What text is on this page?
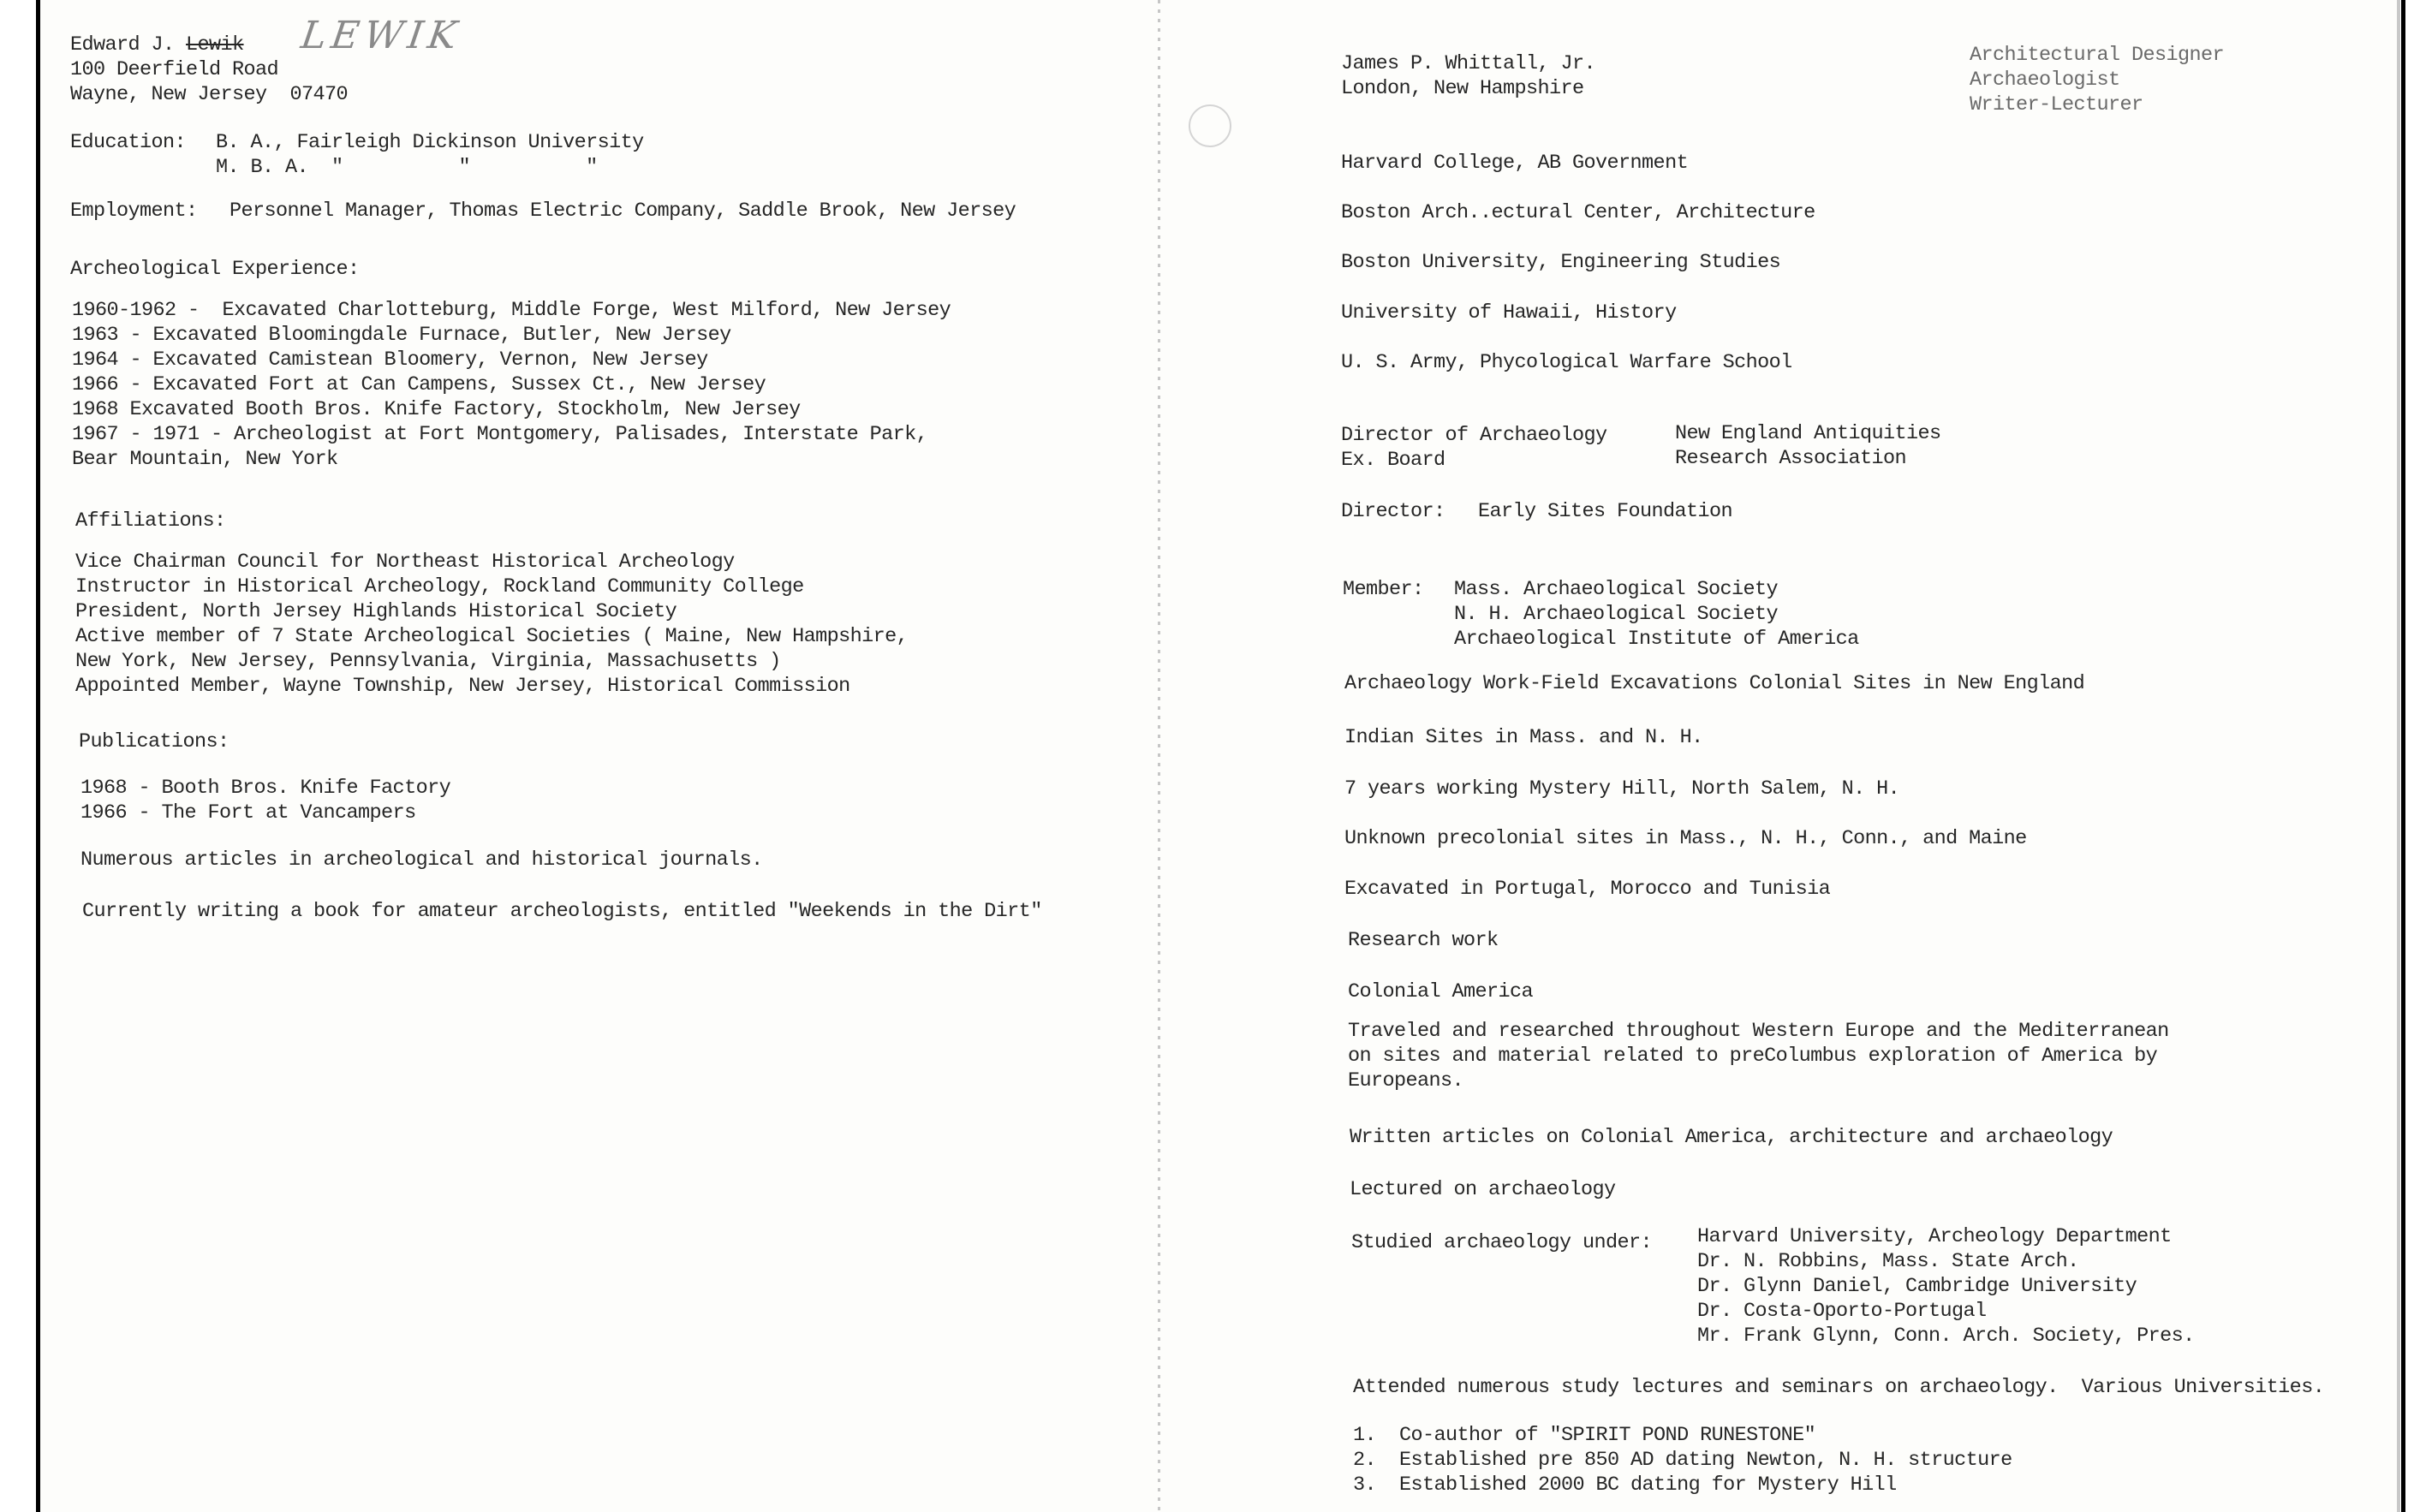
LEWIK
Edward J. Lewik
100 Deerfield Road
Wayne, New Jersey  07470
Education: B. A., Fairleigh Dickinson University
M. B. A.  "          "          "
Employment: Personnel Manager, Thomas Electric Company, Saddle Brook, New Jersey
Archeological Experience:
1960-1962 -  Excavated Charlotteburg, Middle Forge, West Milford, New Jersey
1963 - Excavated Bloomingdale Furnace, Butler, New Jersey
1964 - Excavated Camistean Bloomery, Vernon, New Jersey
1966 - Excavated Fort at Can Campens, Sussex Ct., New Jersey
1968 Excavated Booth Bros. Knife Factory, Stockholm, New Jersey
1967 - 1971 - Archeologist at Fort Montgomery, Palisades, Interstate Park,
Bear Mountain, New York
Affiliations:
Vice Chairman Council for Northeast Historical Archeology
Instructor in Historical Archeology, Rockland Community College
President, North Jersey Highlands Historical Society
Active member of 7 State Archeological Societies ( Maine, New Hampshire,
New York, New Jersey, Pennsylvania, Virginia, Massachusetts )
Appointed Member, Wayne Township, New Jersey, Historical Commission
Publications:
1968 - Booth Bros. Knife Factory
1966 - The Fort at Vancampers
Numerous articles in archeological and historical journals.
Currently writing a book for amateur archeologists, entitled "Weekends in the Dirt"
James P. Whittall, Jr.
London, New Hampshire
Architectural Designer
Archaeologist
Writer-Lecturer
Harvard College, AB Government
Boston Arch..ectural Center, Architecture
Boston University, Engineering Studies
University of Hawaii, History
U. S. Army, Phycological Warfare School
Director of Archaeology
Ex. Board
New England Antiquities
Research Association
Director: Early Sites Foundation
Member: Mass. Archaeological Society
N. H. Archaeological Society
Archaeological Institute of America
Archaeology Work-Field Excavations Colonial Sites in New England
Indian Sites in Mass. and N. H.
7 years working Mystery Hill, North Salem, N. H.
Unknown precolonial sites in Mass., N. H., Conn., and Maine
Excavated in Portugal, Morocco and Tunisia
Research work
Colonial America
Traveled and researched throughout Western Europe and the Mediterranean
on sites and material related to preColumbus exploration of America by
Europeans.
Written articles on Colonial America, architecture and archaeology
Lectured on archaeology
Studied archaeology under: Harvard University, Archeology Department
Dr. N. Robbins, Mass. State Arch.
Dr. Glynn Daniel, Cambridge University
Dr. Costa-Oporto-Portugal
Mr. Frank Glynn, Conn. Arch. Society, Pres.
Attended numerous study lectures and seminars on archaeology.  Various Universities.
1.  Co-author of "SPIRIT POND RUNESTONE"
2.  Established pre 850 AD dating Newton, N. H. structure
3.  Established 2000 BC dating for Mystery Hill
